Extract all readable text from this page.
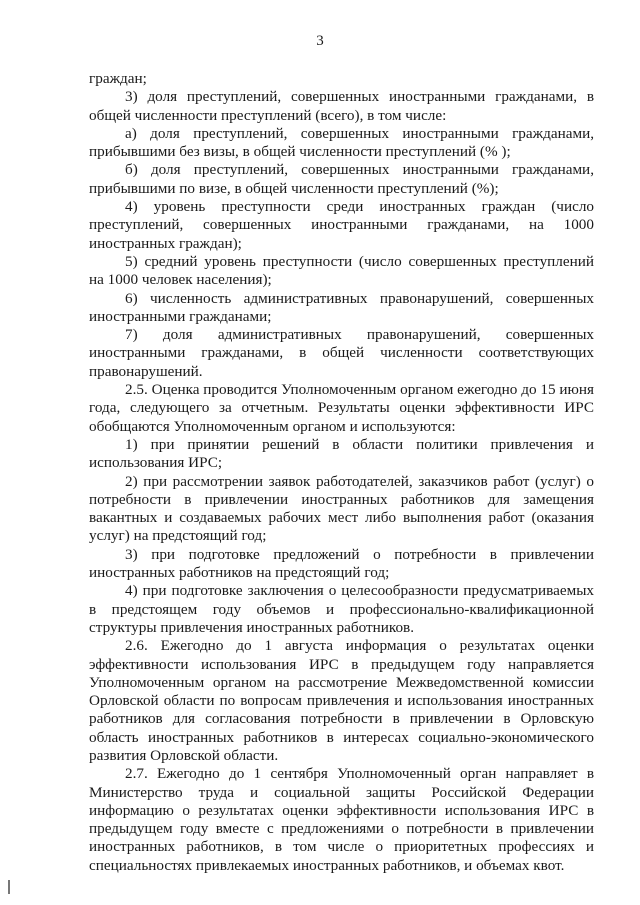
3

граждан;

3) доля преступлений, совершенных иностранными гражданами, в общей численности преступлений (всего), в том числе:

а) доля преступлений, совершенных иностранными гражданами, прибывшими без визы, в общей численности преступлений (% );

б) доля преступлений, совершенных иностранными гражданами, прибывшими по визе, в общей численности преступлений (%);

4) уровень преступности среди иностранных граждан (число преступлений, совершенных иностранными гражданами, на 1000 иностранных граждан);

5) средний уровень преступности (число совершенных преступлений на 1000 человек населения);

6) численность административных правонарушений, совершенных иностранными гражданами;

7) доля административных правонарушений, совершенных иностранными гражданами, в общей численности соответствующих правонарушений.

2.5. Оценка проводится Уполномоченным органом ежегодно до 15 июня года, следующего за отчетным. Результаты оценки эффективности ИРС обобщаются Уполномоченным органом и используются:

1) при принятии решений в области политики привлечения и использования ИРС;

2) при рассмотрении заявок работодателей, заказчиков работ (услуг) о потребности в привлечении иностранных работников для замещения вакантных и создаваемых рабочих мест либо выполнения работ (оказания услуг) на предстоящий год;

3) при подготовке предложений о потребности в привлечении иностранных работников на предстоящий год;

4) при подготовке заключения о целесообразности предусматриваемых в предстоящем году объемов и профессионально-квалификационной структуры привлечения иностранных работников.

2.6. Ежегодно до 1 августа информация о результатах оценки эффективности использования ИРС в предыдущем году направляется Уполномоченным органом на рассмотрение Межведомственной комиссии Орловской области по вопросам привлечения и использования иностранных работников для согласования потребности в привлечении в Орловскую область иностранных работников в интересах социально-экономического развития Орловской области.

2.7. Ежегодно до 1 сентября Уполномоченный орган направляет в Министерство труда и социальной защиты Российской Федерации информацию о результатах оценки эффективности использования ИРС в предыдущем году вместе с предложениями о потребности в привлечении иностранных работников, в том числе о приоритетных профессиях и специальностях привлекаемых иностранных работников, и объемах квот.
